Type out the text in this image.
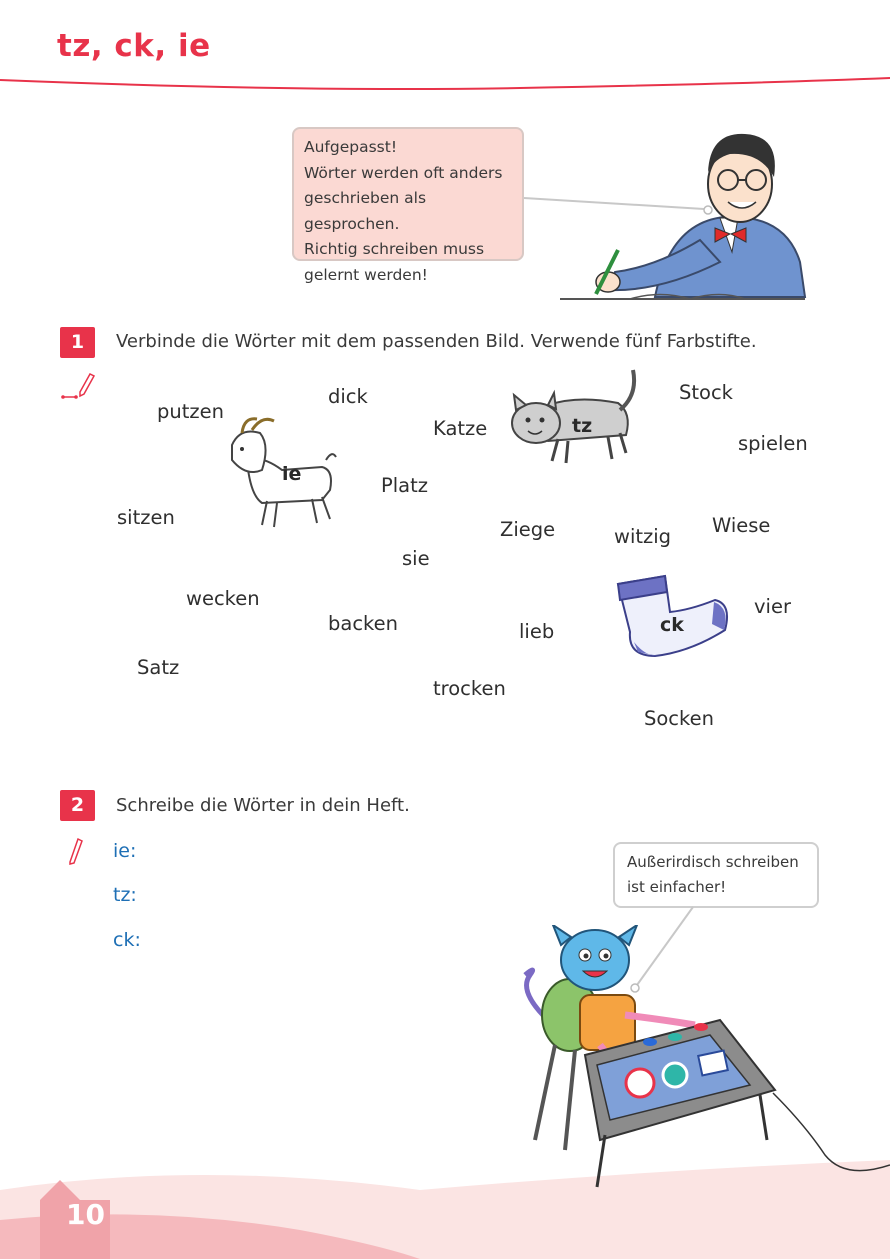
tz, ck, ie
Aufgepasst!
Wörter werden oft anders
geschrieben als gesprochen.
Richtig schreiben muss
gelernt werden!
1	Verbinde die Wörter mit dem passenden Bild. Verwende fünf Farbstifte.
ie
tz
ck
dick	Stock
putzen
Katze
spielen
Platz
sitzen
Ziege	witzig Wiese
sie
wecken	vier
backen	lieb
Satz
trocken
Socken
2	Schreibe die Wörter in dein Heft.
ie:
tz:
ck:
Außerirdisch schreiben
ist einfacher!
10
